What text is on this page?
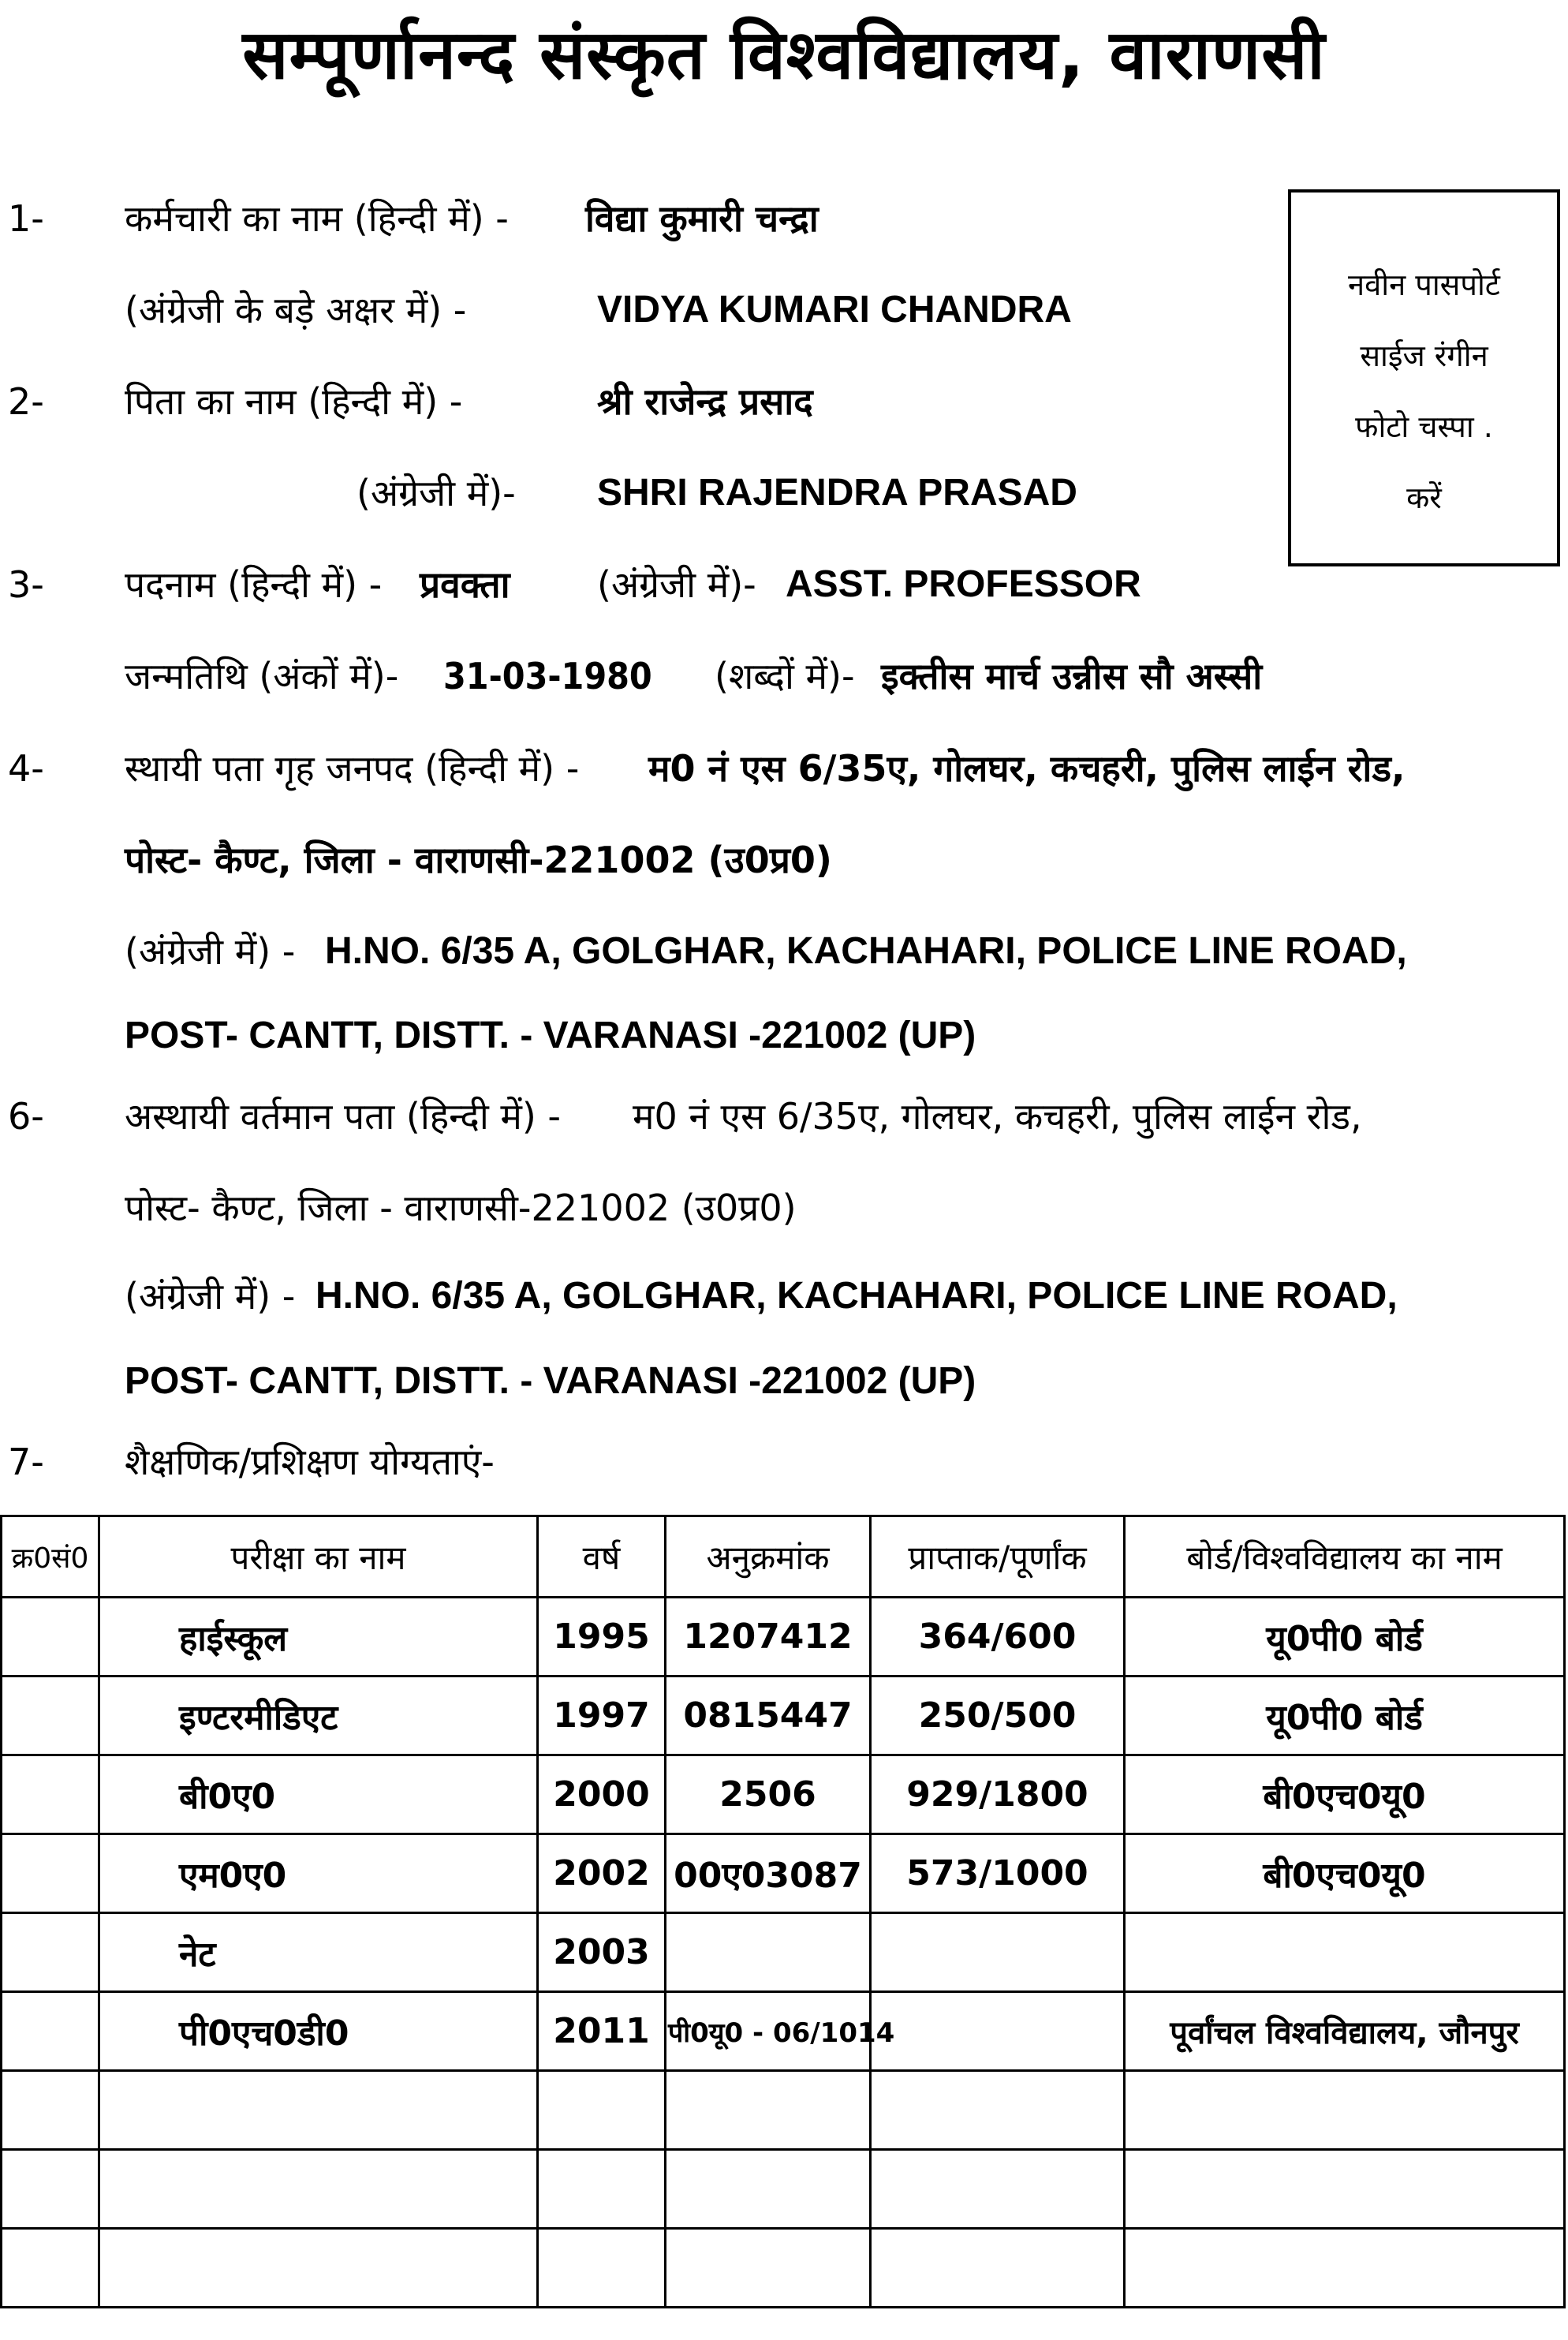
सम्पूर्णानन्द संस्कृत विश्वविद्यालय, वाराणसी
नवीन पासपोर्ट
साईज रंगीन
फोटो चस्पा .
करें
1- कर्मचारी का नाम (हिन्दी में) - विद्या कुमारी चन्द्रा
(अंग्रेजी के बड़े अक्षर में) -	VIDYA KUMARI CHANDRA
2- पिता का नाम (हिन्दी में) -	श्री राजेन्द्र प्रसाद
(अंग्रेजी में)- SHRI RAJENDRA PRASAD
3- पदनाम (हिन्दी में) - प्रवक्ता (अंग्रेजी में)- ASST. PROFESSOR
जन्मतिथि (अंकों में)- 31-03-1980 (शब्दों में)- इक्तीस मार्च उन्नीस सौ अस्सी
4- स्थायी पता गृह जनपद (हिन्दी में) - म0 नं एस 6/35ए, गोलघर, कचहरी, पुलिस लाईन रोड,
पोस्ट- कैण्ट, जिला - वाराणसी-221002 (उ0प्र0)
(अंग्रेजी में) - H.NO. 6/35 A, GOLGHAR, KACHAHARI, POLICE LINE ROAD,
POST- CANTT, DISTT. - VARANASI -221002 (UP)
6- अस्थायी वर्तमान पता (हिन्दी में) - म0 नं एस 6/35ए, गोलघर, कचहरी, पुलिस लाईन रोड,
पोस्ट- कैण्ट, जिला - वाराणसी-221002 (उ0प्र0)
(अंग्रेजी में) - H.NO. 6/35 A, GOLGHAR, KACHAHARI, POLICE LINE ROAD,
POST- CANTT, DISTT. - VARANASI -221002 (UP)
7- शैक्षणिक/प्रशिक्षण योग्यताएं-
क्र0सं0	परीक्षा का नाम	वर्ष	अनुक्रमांक	प्राप्ताक/पूर्णांक	बोर्ड/विश्वविद्यालय का नाम
	हाईस्कूल	1995	1207412	364/600	यू0पी0 बोर्ड
	इण्टरमीडिएट	1997	0815447	250/500	यू0पी0 बोर्ड
	बी0ए0	2000	2506	929/1800	बी0एच0यू0
	एम0ए0	2002	00ए03087	573/1000	बी0एच0यू0
	नेट	2003			
	पी0एच0डी0	2011	पी0यू0 - 06/1014		पूर्वांचल विश्वविद्यालय, जौनपुर
